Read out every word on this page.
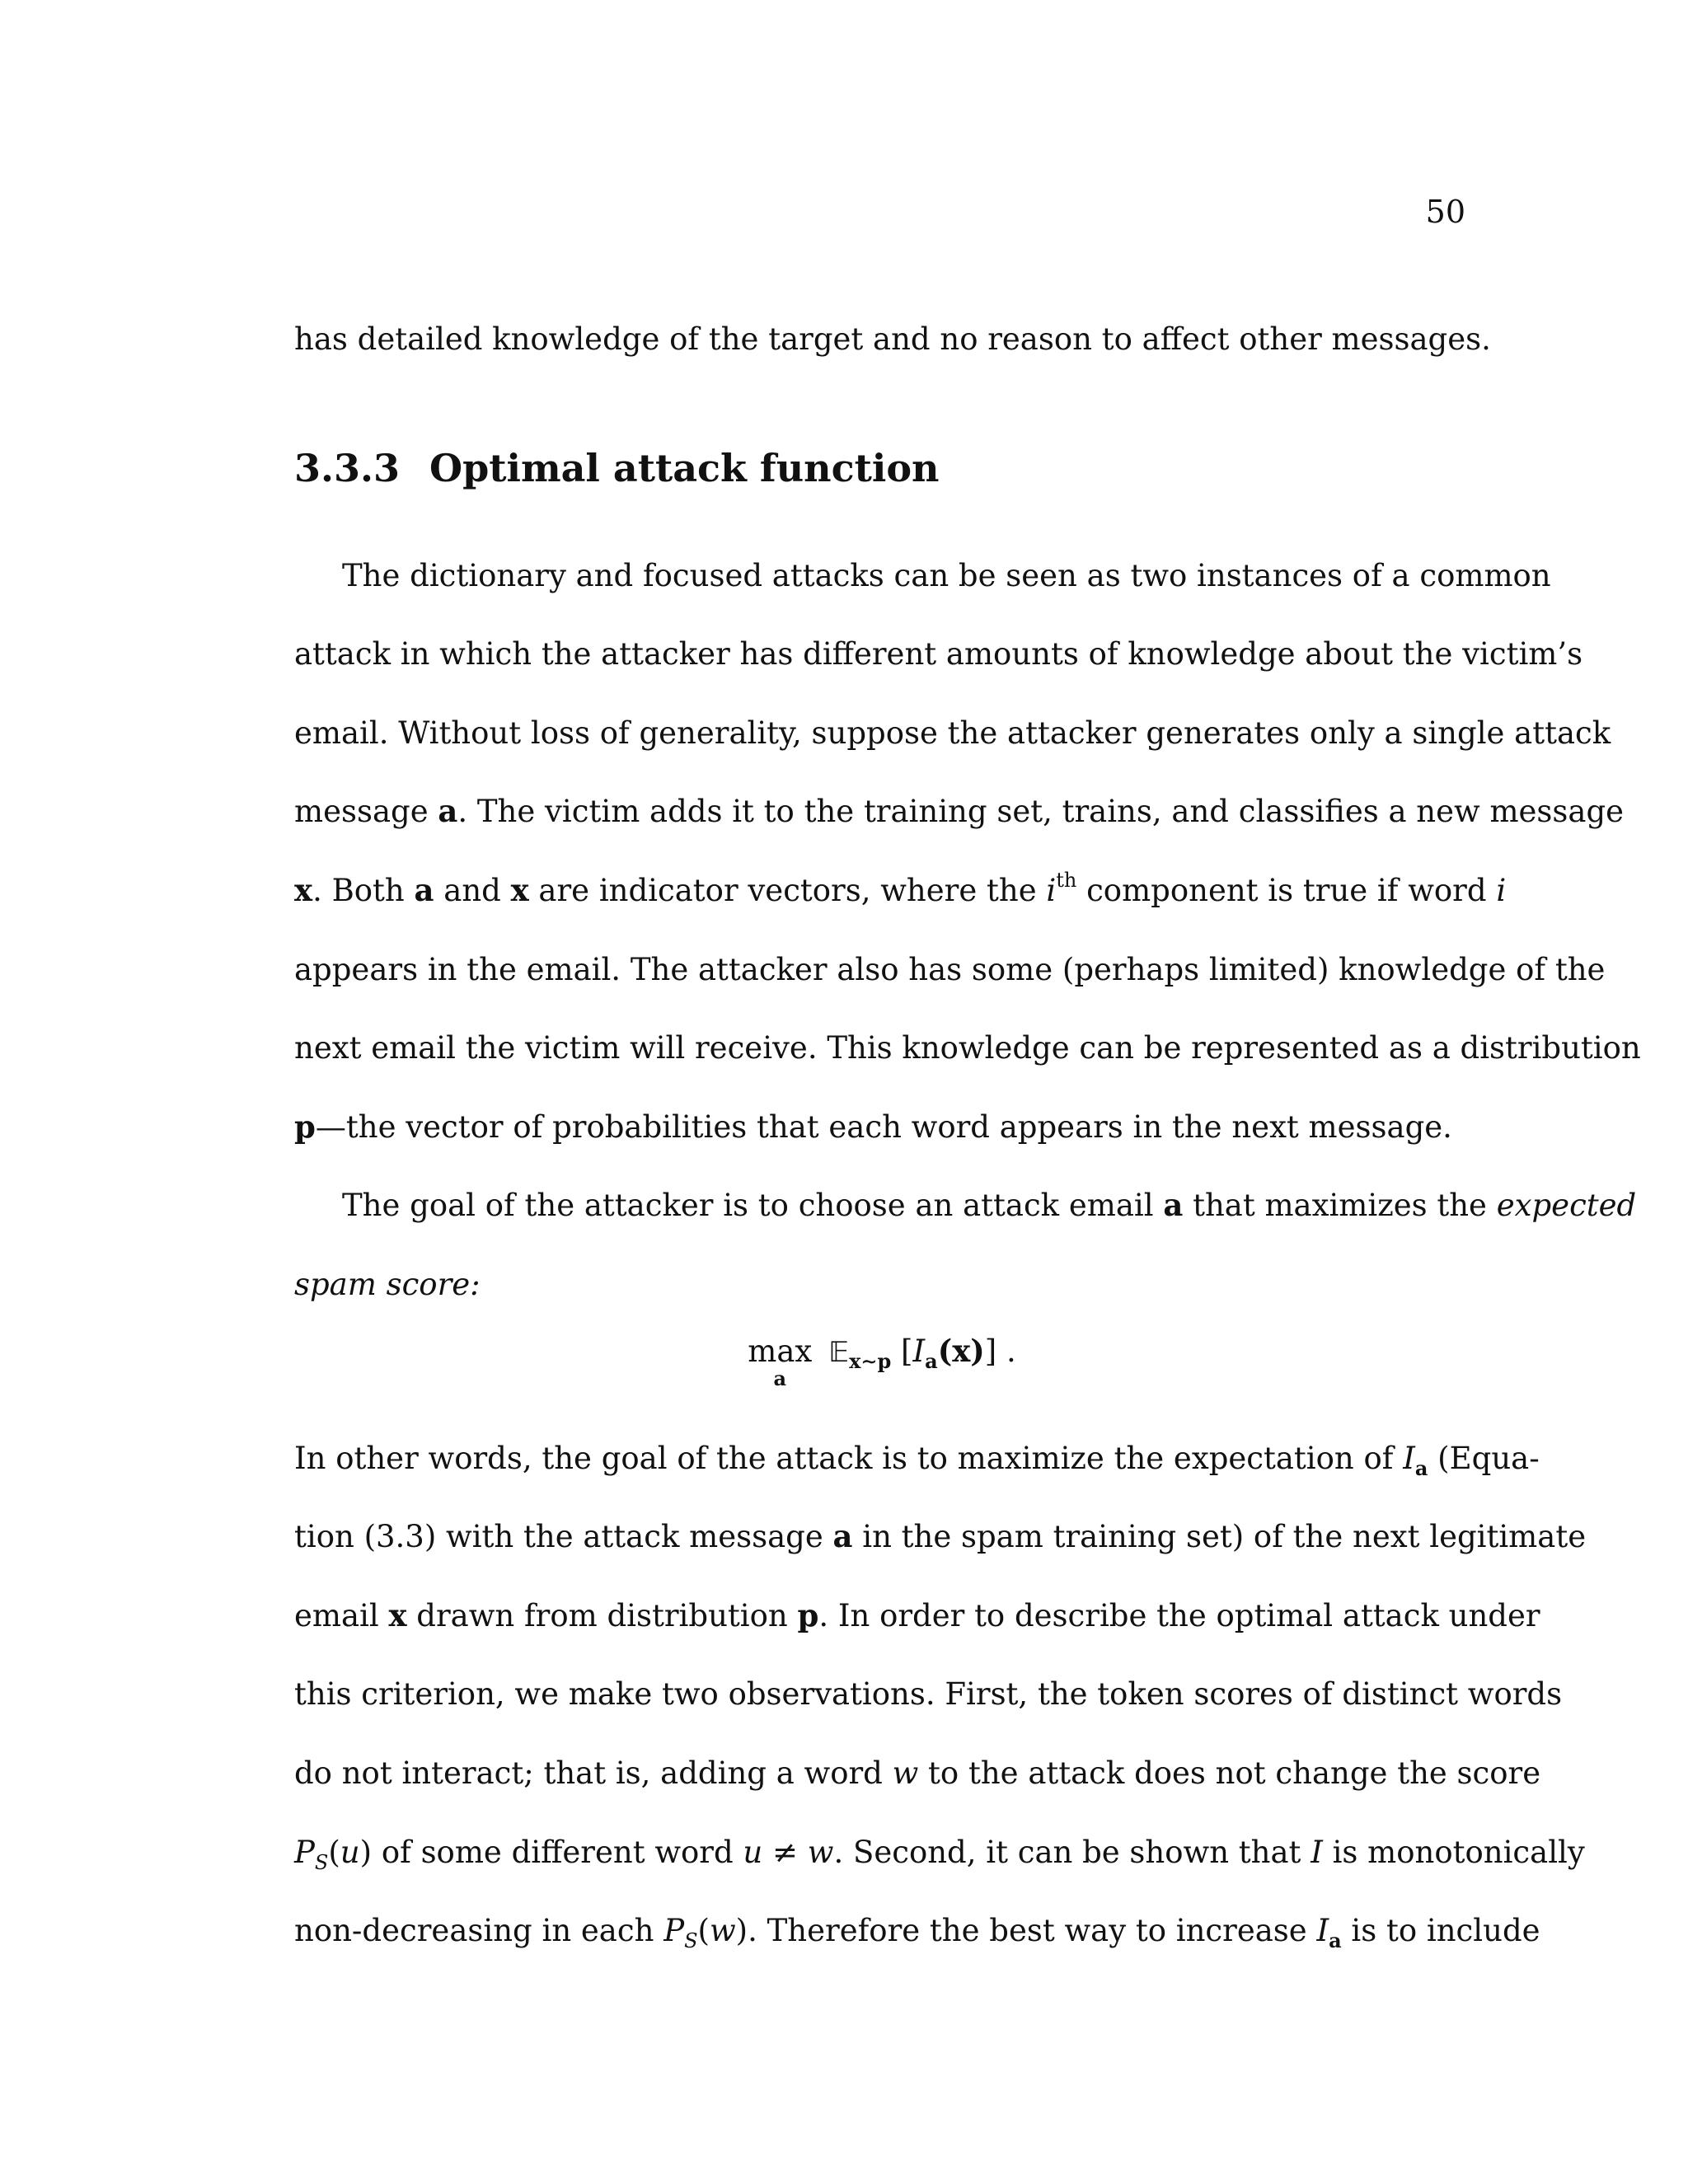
50
has detailed knowledge of the target and no reason to affect other messages.
3.3.3 Optimal attack function
The dictionary and focused attacks can be seen as two instances of a common
attack in which the attacker has different amounts of knowledge about the victim’s
email. Without loss of generality, suppose the attacker generates only a single attack
message a. The victim adds it to the training set, trains, and classifies a new message
x. Both a and x are indicator vectors, where the $i^{th}$ component is true if word i
appears in the email. The attacker also has some (perhaps limited) knowledge of the
next email the victim will receive. This knowledge can be represented as a distribution
p—the vector of probabilities that each word appears in the next message.
The goal of the attacker is to choose an attack email a that maximizes the expected
spam score:
max
a
𝔼$_{x\sim p}$ $[I_a(x)]$ .
In other words, the goal of the attack is to maximize the expectation of $I_a$ (Equa-
tion (3.3) with the attack message a in the spam training set) of the next legitimate
email x drawn from distribution p. In order to describe the optimal attack under
this criterion, we make two observations. First, the token scores of distinct words
do not interact; that is, adding a word w to the attack does not change the score
$P_S(u)$ of some different word u ≠ w. Second, it can be shown that I is monotonically
non-decreasing in each $P_S(w)$. Therefore the best way to increase $I_a$ is to include
